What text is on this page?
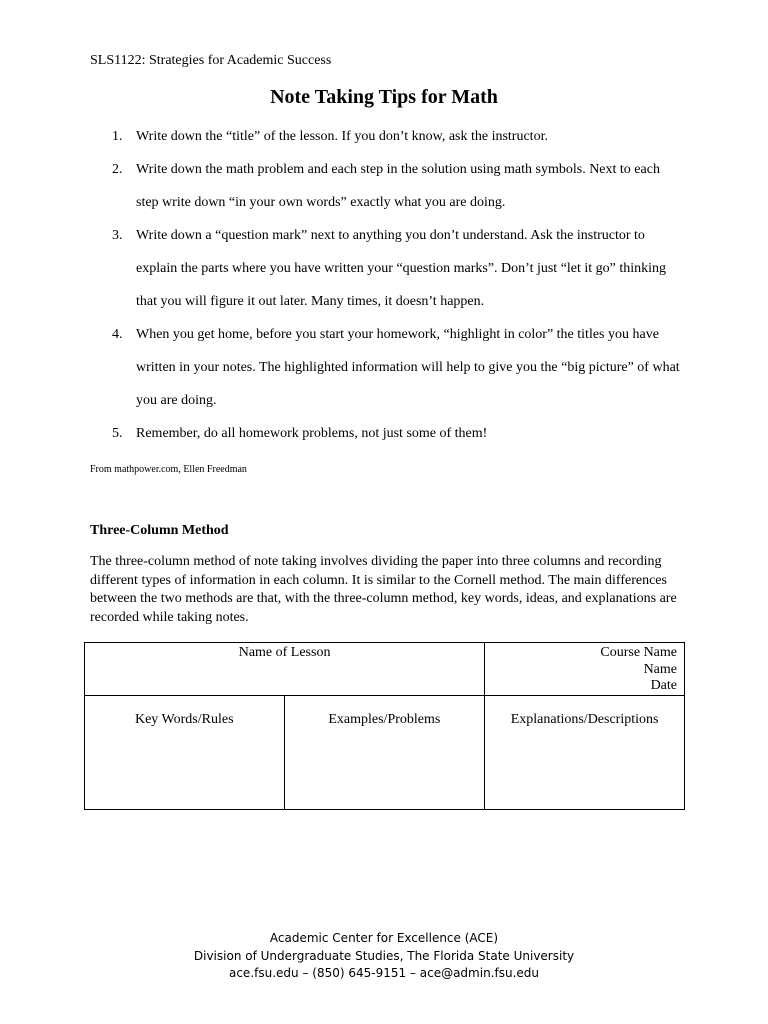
SLS1122: Strategies for Academic Success
Note Taking Tips for Math
1. Write down the “title” of the lesson. If you don’t know, ask the instructor.
2. Write down the math problem and each step in the solution using math symbols. Next to each
step write down “in your own words” exactly what you are doing.
3. Write down a “question mark” next to anything you don’t understand. Ask the instructor to
explain the parts where you have written your “question marks”. Don’t just “let it go” thinking
that you will figure it out later. Many times, it doesn’t happen.
4. When you get home, before you start your homework, “highlight in color” the titles you have
written in your notes. The highlighted information will help to give you the “big picture” of what
you are doing.
5. Remember, do all homework problems, not just some of them!
From mathpower.com, Ellen Freedman
Three-Column Method
The three-column method of note taking involves dividing the paper into three columns and recording
different types of information in each column. It is similar to the Cornell method. The main differences
between the two methods are that, with the three-column method, key words, ideas, and explanations are
recorded while taking notes.
Name of Lesson		Course Name
Name
Date

Key Words/Rules	Examples/Problems	Explanations/Descriptions
Academic Center for Excellence (ACE)
Division of Undergraduate Studies, The Florida State University
ace.fsu.edu – (850) 645-9151 – ace@admin.fsu.edu
